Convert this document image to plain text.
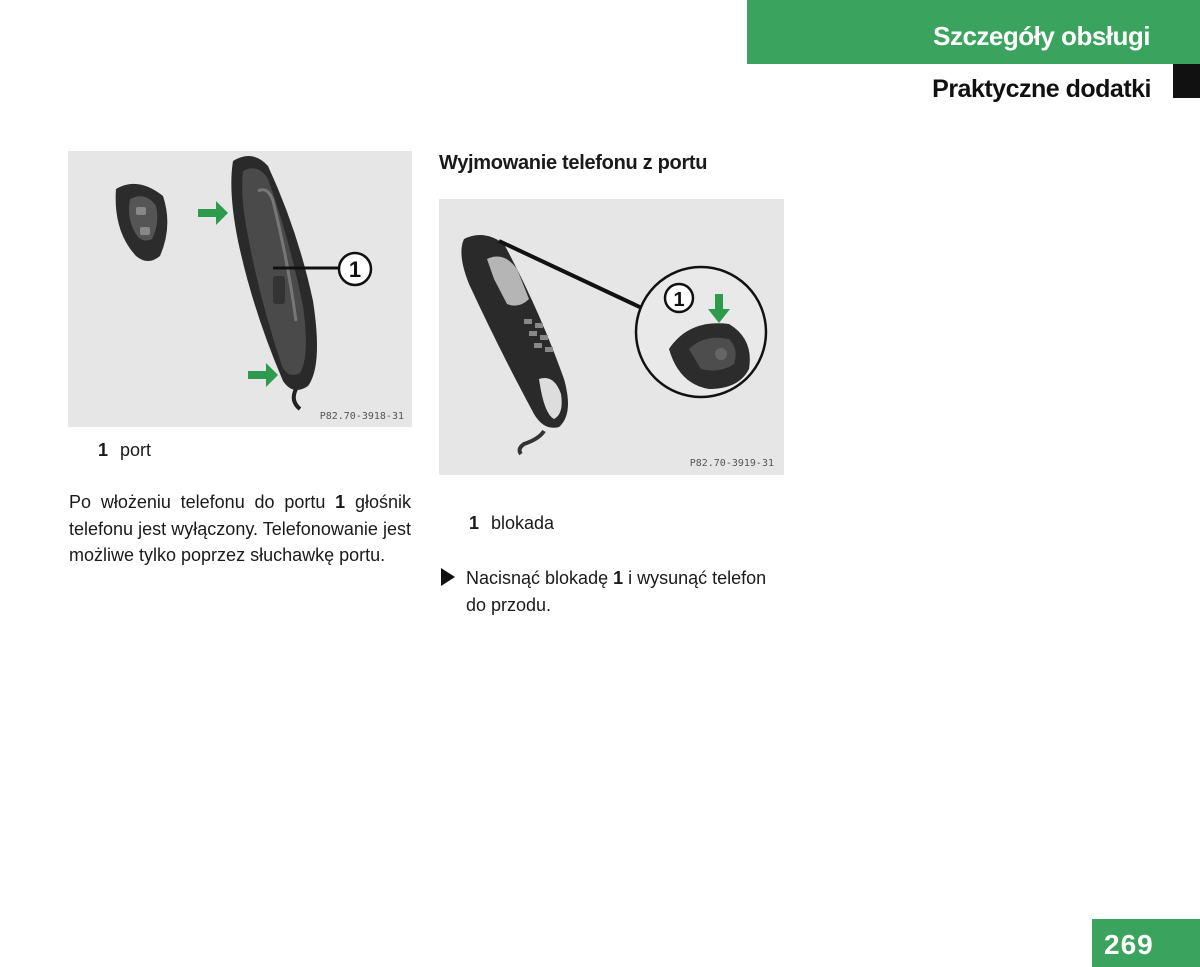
Szczegóły obsługi
Praktyczne dodatki
1
P82.70-3918-31
1 port
Po włożeniu telefonu do portu 1 głośnik telefonu jest wyłączony. Telefonowanie jest możliwe tylko poprzez słuchawkę portu.
Wyjmowanie telefonu z portu
1
P82.70-3919-31
1 blokada
Nacisnąć blokadę 1 i wysunąć telefon do przodu.
269
